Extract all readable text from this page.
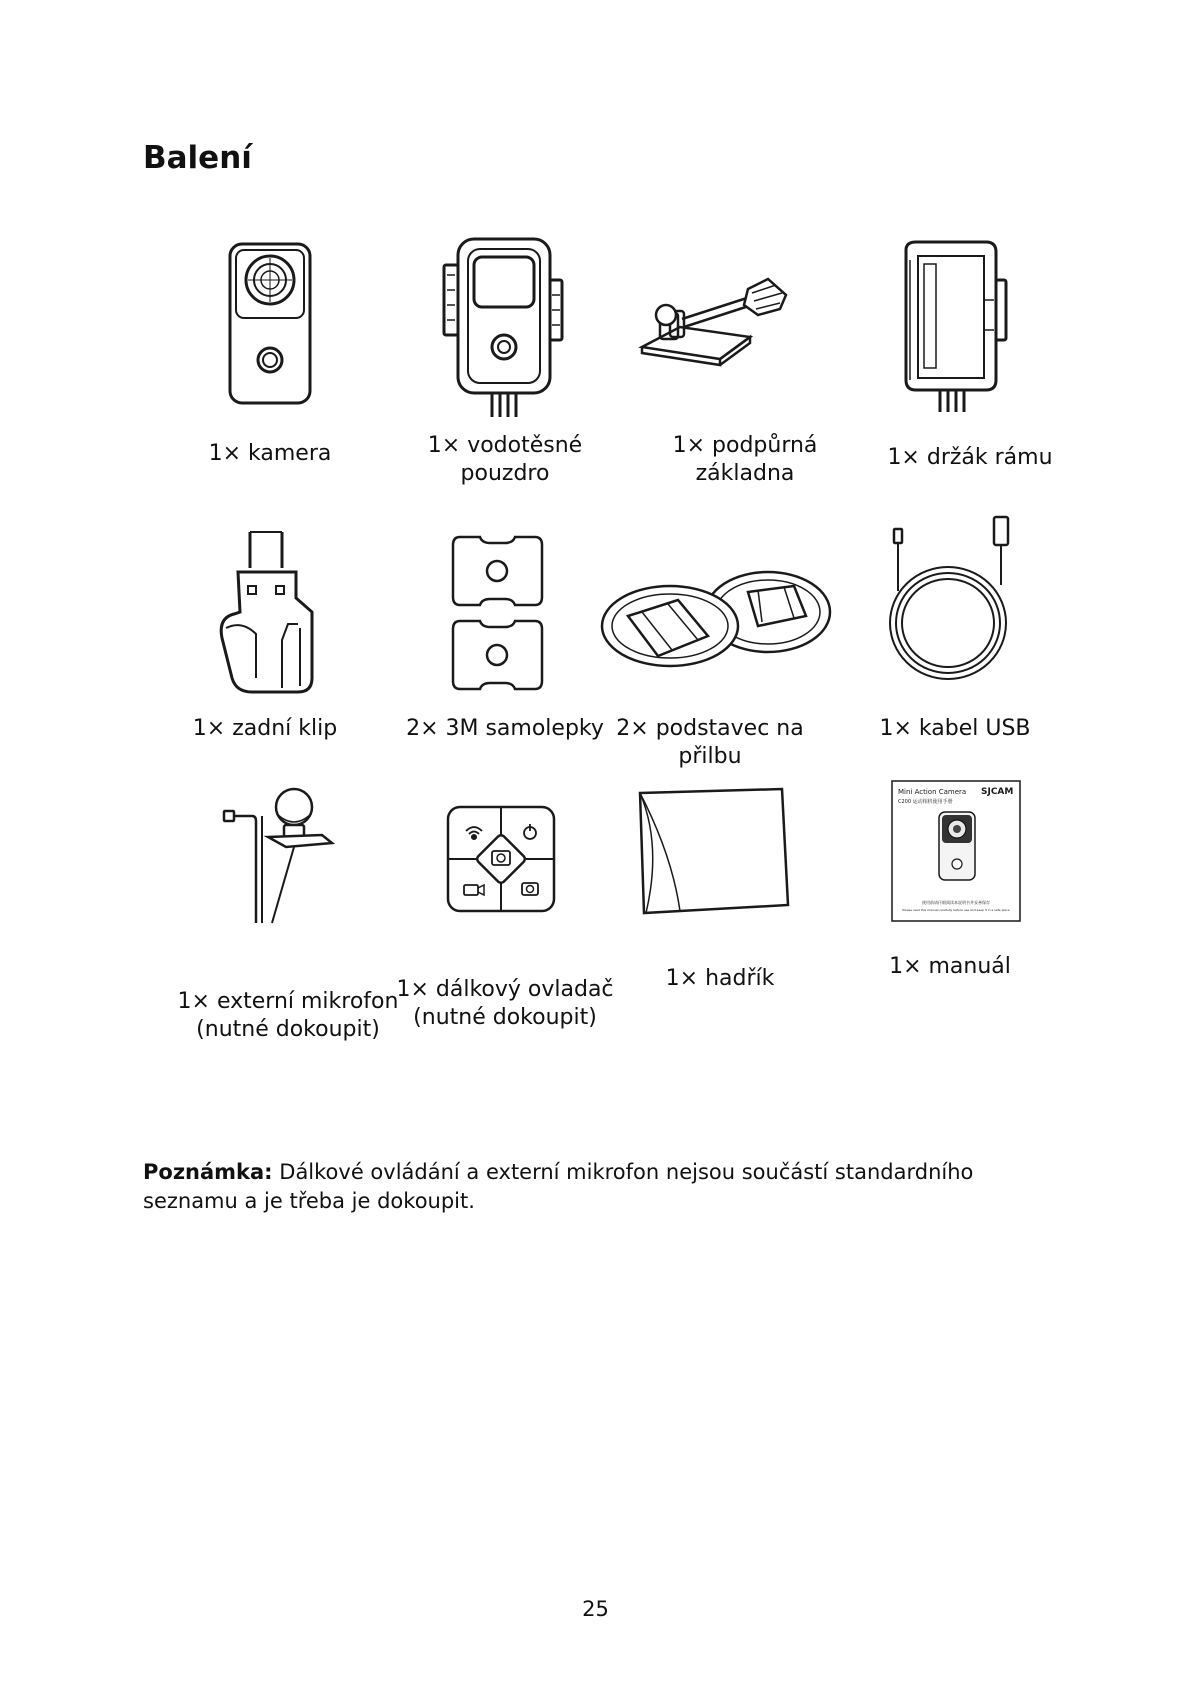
Balení
1× kamera	1× vodotěsné
pouzdro
1× podpůrná
základna
1× držák rámu
1× zadní klip	2× 3M samolepky 2× podstavec na
přilbu
1× kabel USB
Mini Action Camera
C200 运动相机使用手册
SJCAM
使用前请仔细阅读本说明书并妥善保存
Please read this manual carefully before use and keep it in a safe place
1× externí mikrofon
(nutné dokoupit)
1× dálkový ovladač
(nutné dokoupit)
1× hadřík	1× manuál

Poznámka: Dálkové ovládání a externí mikrofon nejsou součástí standardního seznamu a je třeba je dokoupit.

25
